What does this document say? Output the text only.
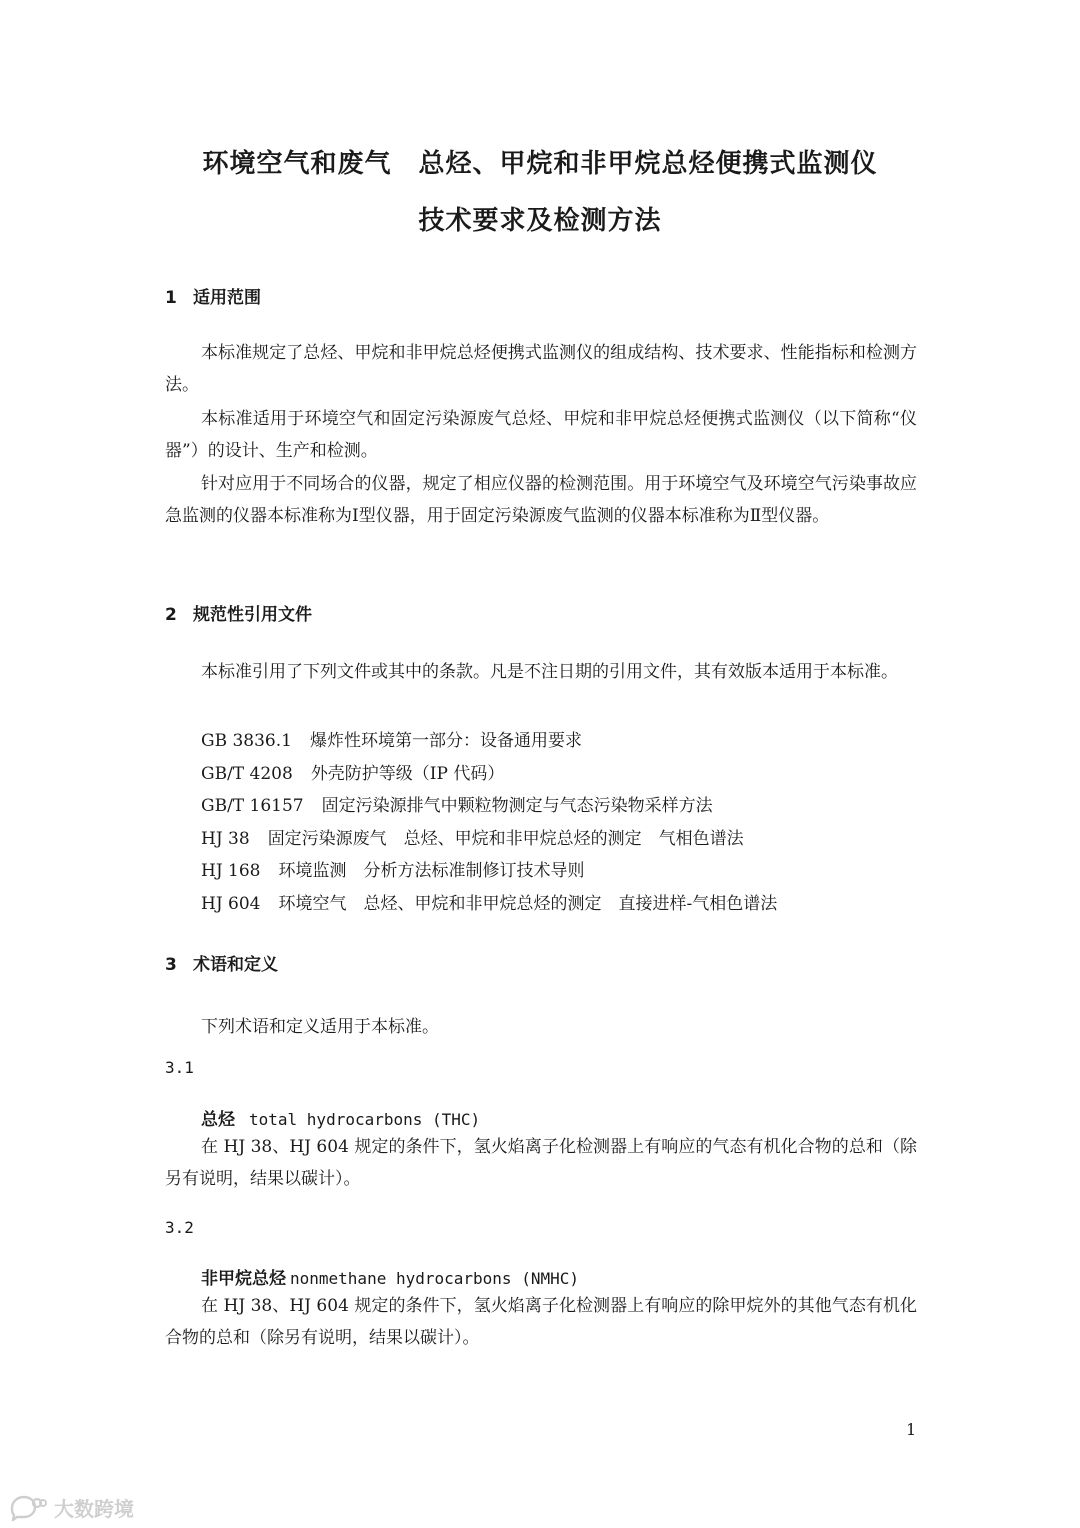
环境空气和废气　总烃、甲烷和非甲烷总烃便携式监测仪
技术要求及检测方法
1 适用范围
本标准规定了总烃、甲烷和非甲烷总烃便携式监测仪的组成结构、技术要求、性能指标和检测方法。
本标准适用于环境空气和固定污染源废气总烃、甲烷和非甲烷总烃便携式监测仪（以下简称“仪器”）的设计、生产和检测。
针对应用于不同场合的仪器，规定了相应仪器的检测范围。用于环境空气及环境空气污染事故应急监测的仪器本标准称为Ⅰ型仪器，用于固定污染源废气监测的仪器本标准称为Ⅱ型仪器。
2 规范性引用文件
本标准引用了下列文件或其中的条款。凡是不注日期的引用文件，其有效版本适用于本标准。
GB 3836.1 爆炸性环境第一部分：设备通用要求
GB/T 4208 外壳防护等级（IP 代码）
GB/T 16157 固定污染源排气中颗粒物测定与气态污染物采样方法
HJ 38 固定污染源废气　总烃、甲烷和非甲烷总烃的测定　气相色谱法
HJ 168 环境监测　分析方法标准制修订技术导则
HJ 604 环境空气　总烃、甲烷和非甲烷总烃的测定　直接进样-气相色谱法
3 术语和定义
下列术语和定义适用于本标准。
3.1
总烃 total hydrocarbons (THC)
在 HJ 38、HJ 604 规定的条件下，氢火焰离子化检测器上有响应的气态有机化合物的总和（除另有说明，结果以碳计）。
3.2
非甲烷总烃 nonmethane hydrocarbons (NMHC)
在 HJ 38、HJ 604 规定的条件下，氢火焰离子化检测器上有响应的除甲烷外的其他气态有机化合物的总和（除另有说明，结果以碳计）。
1
大数跨境
